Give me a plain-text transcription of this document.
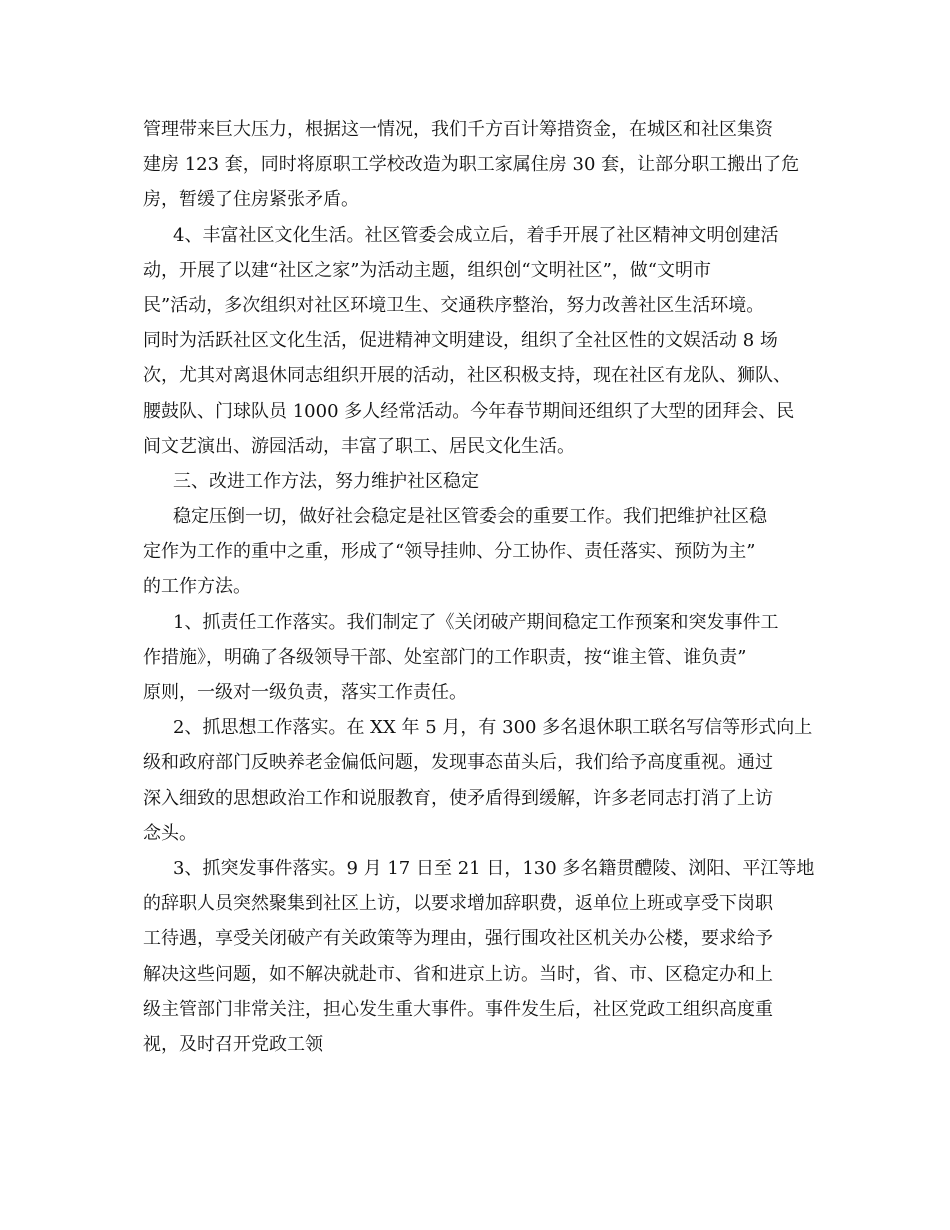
管理带来巨大压力，根据这一情况，我们千方百计筹措资金，在城区和社区集资
建房 123 套，同时将原职工学校改造为职工家属住房 30 套，让部分职工搬出了危
房，暂缓了住房紧张矛盾。
4、丰富社区文化生活。社区管委会成立后，着手开展了社区精神文明创建活
动，开展了以建“社区之家”为活动主题，组织创“文明社区”，做“文明市
民”活动，多次组织对社区环境卫生、交通秩序整治，努力改善社区生活环境。
同时为活跃社区文化生活，促进精神文明建设，组织了全社区性的文娱活动 8 场
次，尤其对离退休同志组织开展的活动，社区积极支持，现在社区有龙队、狮队、
腰鼓队、门球队员 1000 多人经常活动。今年春节期间还组织了大型的团拜会、民
间文艺演出、游园活动，丰富了职工、居民文化生活。
三、改进工作方法，努力维护社区稳定
稳定压倒一切，做好社会稳定是社区管委会的重要工作。我们把维护社区稳
定作为工作的重中之重，形成了“领导挂帅、分工协作、责任落实、预防为主”
的工作方法。
1、抓责任工作落实。我们制定了《关闭破产期间稳定工作预案和突发事件工
作措施》，明确了各级领导干部、处室部门的工作职责，按“谁主管、谁负责”
原则，一级对一级负责，落实工作责任。
2、抓思想工作落实。在 XX 年 5 月，有 300 多名退休职工联名写信等形式向上
级和政府部门反映养老金偏低问题，发现事态苗头后，我们给予高度重视。通过
深入细致的思想政治工作和说服教育，使矛盾得到缓解，许多老同志打消了上访
念头。
3、抓突发事件落实。9 月 17 日至 21 日，130 多名籍贯醴陵、浏阳、平江等地
的辞职人员突然聚集到社区上访，以要求增加辞职费，返单位上班或享受下岗职
工待遇，享受关闭破产有关政策等为理由，强行围攻社区机关办公楼，要求给予
解决这些问题，如不解决就赴市、省和进京上访。当时，省、市、区稳定办和上
级主管部门非常关注，担心发生重大事件。事件发生后，社区党政工组织高度重
视，及时召开党政工领
